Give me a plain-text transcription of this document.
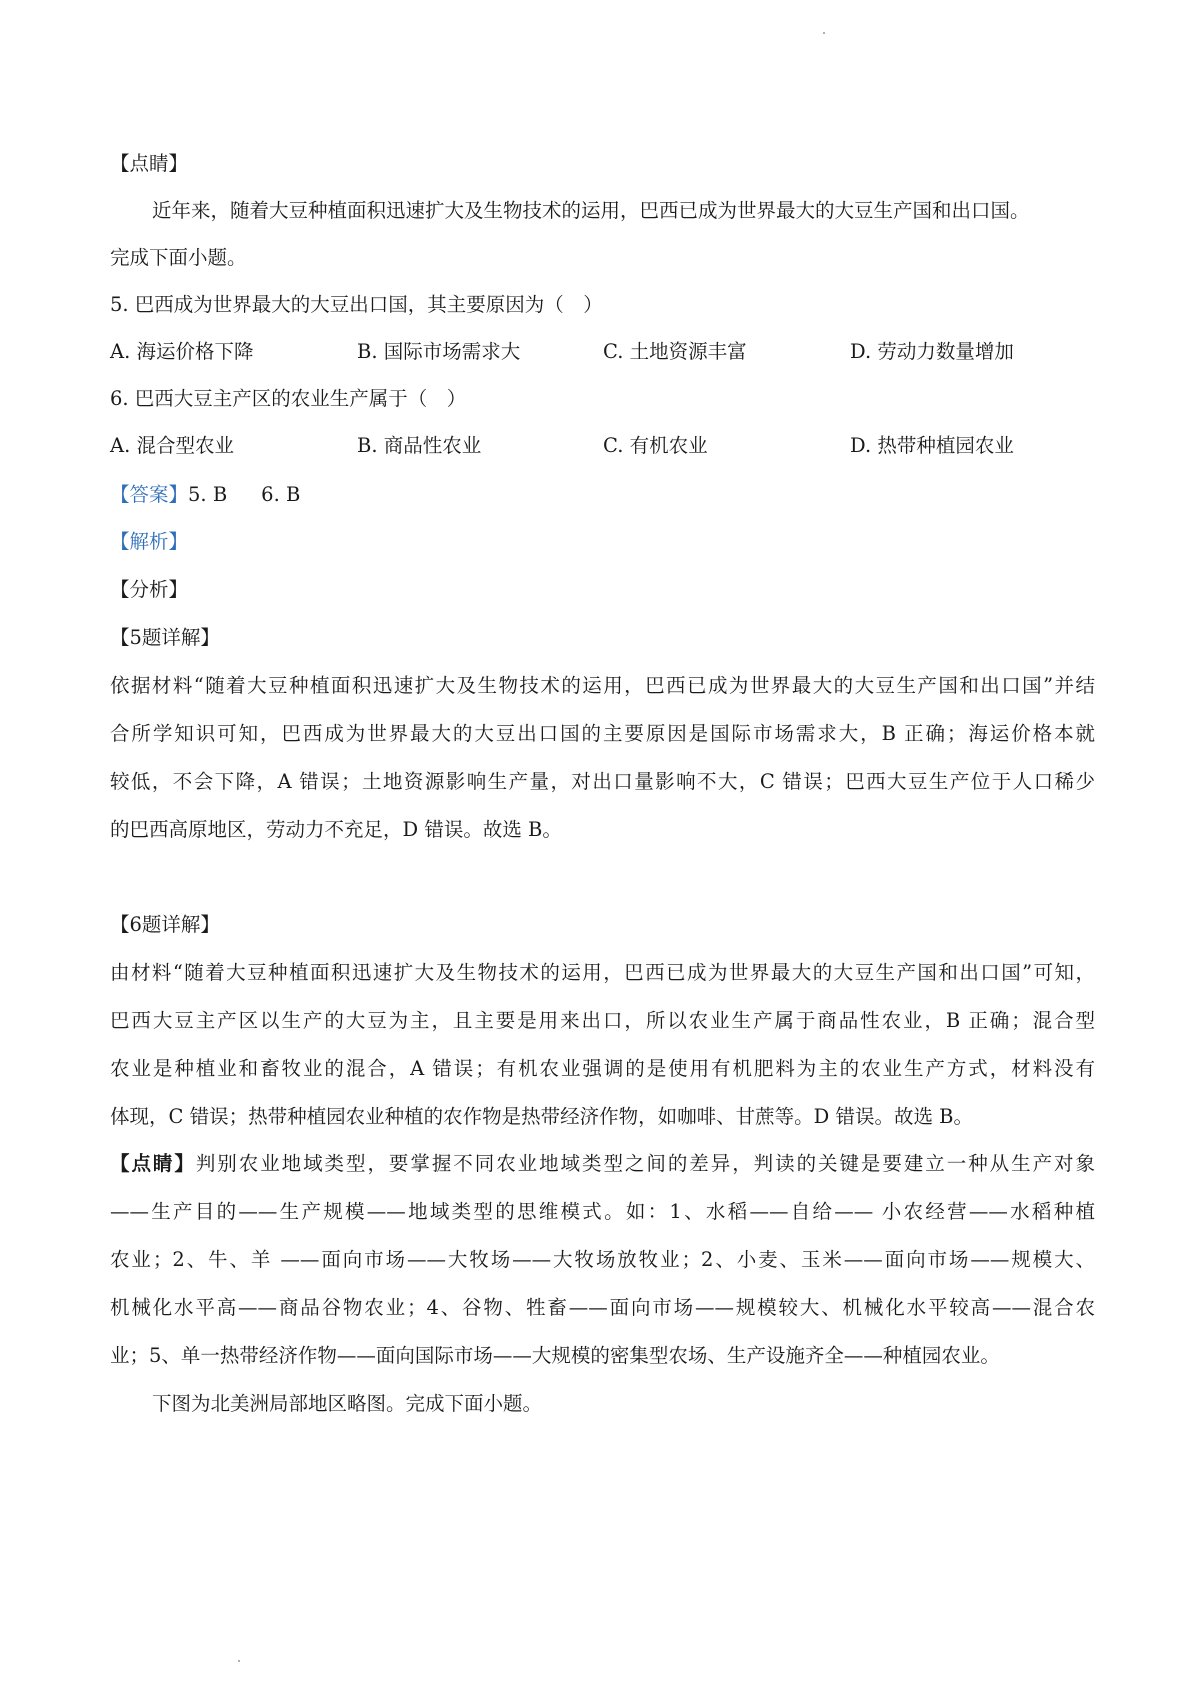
【点睛】
近年来，随着大豆种植面积迅速扩大及生物技术的运用，巴西已成为世界最大的大豆生产国和出口国。
完成下面小题。
5. 巴西成为世界最大的大豆出口国，其主要原因为（　）
A. 海运价格下降	B. 国际市场需求大	C. 土地资源丰富	D. 劳动力数量增加
6. 巴西大豆主产区的农业生产属于（　）
A. 混合型农业	B. 商品性农业	C. 有机农业	D. 热带种植园农业
【答案】5. B 6. B
【解析】
【分析】
【5题详解】
依据材料“随着大豆种植面积迅速扩大及生物技术的运用，巴西已成为世界最大的大豆生产国和出口国”并结
合所学知识可知，巴西成为世界最大的大豆出口国的主要原因是国际市场需求大，B 正确；海运价格本就
较低，不会下降，A 错误；土地资源影响生产量，对出口量影响不大，C 错误；巴西大豆生产位于人口稀少
的巴西高原地区，劳动力不充足，D 错误。故选 B。
【6题详解】
由材料“随着大豆种植面积迅速扩大及生物技术的运用，巴西已成为世界最大的大豆生产国和出口国”可知，
巴西大豆主产区以生产的大豆为主，且主要是用来出口，所以农业生产属于商品性农业，B 正确；混合型
农业是种植业和畜牧业的混合，A 错误；有机农业强调的是使用有机肥料为主的农业生产方式，材料没有
体现，C 错误；热带种植园农业种植的农作物是热带经济作物，如咖啡、甘蔗等。D 错误。故选 B。
【点睛】判别农业地域类型，要掌握不同农业地域类型之间的差异，判读的关键是要建立一种从生产对象
——生产目的——生产规模——地域类型的思维模式。如：1、水稻——自给—— 小农经营——水稻种植
农业；2、牛、羊 ——面向市场——大牧场——大牧场放牧业；2、小麦、玉米——面向市场——规模大、
机械化水平高——商品谷物农业；4、谷物、牲畜——面向市场——规模较大、机械化水平较高——混合农
业；5、单一热带经济作物——面向国际市场——大规模的密集型农场、生产设施齐全——种植园农业。
下图为北美洲局部地区略图。完成下面小题。
